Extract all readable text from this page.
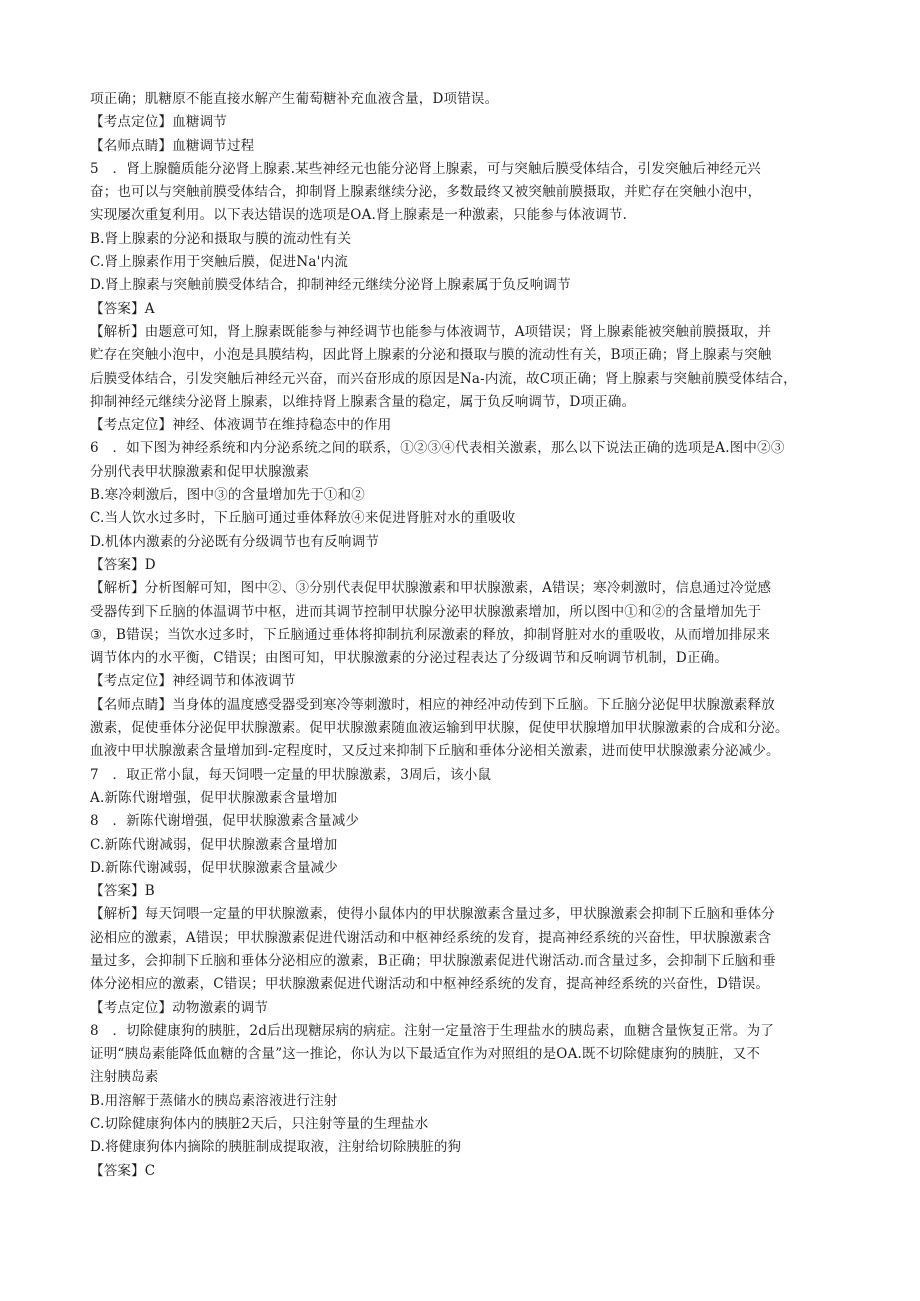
项正确；肌糖原不能直接水解产生葡萄糖补充血液含量，D项错误。
【考点定位】血糖调节
【名师点睛】血糖调节过程
5　．肾上腺髓质能分泌肾上腺素.某些神经元也能分泌肾上腺素，可与突触后膜受体结合，引发突触后神经元兴
奋；也可以与突触前膜受体结合，抑制肾上腺素继续分泌，多数最终又被突触前膜摄取，并贮存在突触小泡中，
实现屡次重复利用。以下表达错误的选项是OA.肾上腺素是一种激素，只能参与体液调节.
B.肾上腺素的分泌和摄取与膜的流动性有关
C.肾上腺素作用于突触后膜，促进Na'内流
D.肾上腺素与突触前膜受体结合，抑制神经元继续分泌肾上腺素属于负反响调节
【答案】A
【解析】由题意可知，肾上腺素既能参与神经调节也能参与体液调节，A项错误；肾上腺素能被突触前膜摄取，并
贮存在突触小泡中，小泡是具膜结构，因此肾上腺素的分泌和摄取与膜的流动性有关，B项正确；肾上腺素与突触
后膜受体结合，引发突触后神经元兴奋，而兴奋形成的原因是Na-内流，故C项正确；肾上腺素与突触前膜受体结合，
抑制神经元继续分泌肾上腺素，以维持肾上腺素含量的稳定，属于负反响调节，D项正确。
【考点定位】神经、体液调节在维持稳态中的作用
6　．如下图为神经系统和内分泌系统之间的联系，①②③④代表相关激素，那么以下说法正确的选项是A.图中②③
分别代表甲状腺激素和促甲状腺激素
B.寒冷刺激后，图中③的含量增加先于①和②
C.当人饮水过多时，下丘脑可通过垂体释放④来促进肾脏对水的重吸收
D.机体内激素的分泌既有分级调节也有反响调节
【答案】D
【解析】分析图解可知，图中②、③分别代表促甲状腺激素和甲状腺激素，A错误；寒冷刺激时，信息通过冷觉感
受器传到下丘脑的体温调节中枢，进而其调节控制甲状腺分泌甲状腺激素增加，所以图中①和②的含量增加先于
③，B错误；当饮水过多时，下丘脑通过垂体将抑制抗利尿激素的释放，抑制肾脏对水的重吸收，从而增加排尿来
调节体内的水平衡，C错误；由图可知，甲状腺激素的分泌过程表达了分级调节和反响调节机制，D正确。
【考点定位】神经调节和体液调节
【名师点睛】当身体的温度感受器受到寒冷等刺激时，相应的神经冲动传到下丘脑。下丘脑分泌促甲状腺激素释放
激素，促使垂体分泌促甲状腺激素。促甲状腺激素随血液运输到甲状腺，促使甲状腺增加甲状腺激素的合成和分泌。
血液中甲状腺激素含量增加到-定程度时，又反过来抑制下丘脑和垂体分泌相关激素，进而使甲状腺激素分泌减少。
7　．取正常小鼠，每天饲喂一定量的甲状腺激素，3周后，该小鼠
A.新陈代谢增强，促甲状腺激素含量增加
8　．新陈代谢增强，促甲状腺激素含量减少
C.新陈代谢减弱，促甲状腺激素含量增加
D.新陈代谢减弱，促甲状腺激素含量减少
【答案】B
【解析】每天饲喂一定量的甲状腺激素，使得小鼠体内的甲状腺激素含量过多，甲状腺激素会抑制下丘脑和垂体分
泌相应的激素，A错误；甲状腺激素促进代谢活动和中枢神经系统的发育，提高神经系统的兴奋性，甲状腺激素含
量过多，会抑制下丘脑和垂体分泌相应的激素，B正确；甲状腺激素促进代谢活动.而含量过多，会抑制下丘脑和垂
体分泌相应的激素，C错误；甲状腺激素促进代谢活动和中枢神经系统的发育，提高神经系统的兴奋性，D错误。
【考点定位】动物激素的调节
8　．切除健康狗的胰脏，2d后出现糖尿病的病症。注射一定量溶于生理盐水的胰岛素，血糖含量恢复正常。为了
证明“胰岛素能降低血糖的含量”这一推论，你认为以下最适宜作为对照组的是OA.既不切除健康狗的胰脏，又不
注射胰岛素
B.用溶解于蒸储水的胰岛素溶液进行注射
C.切除健康狗体内的胰脏2天后，只注射等量的生理盐水
D.将健康狗体内摘除的胰脏制成提取液，注射给切除胰脏的狗
【答案】C
